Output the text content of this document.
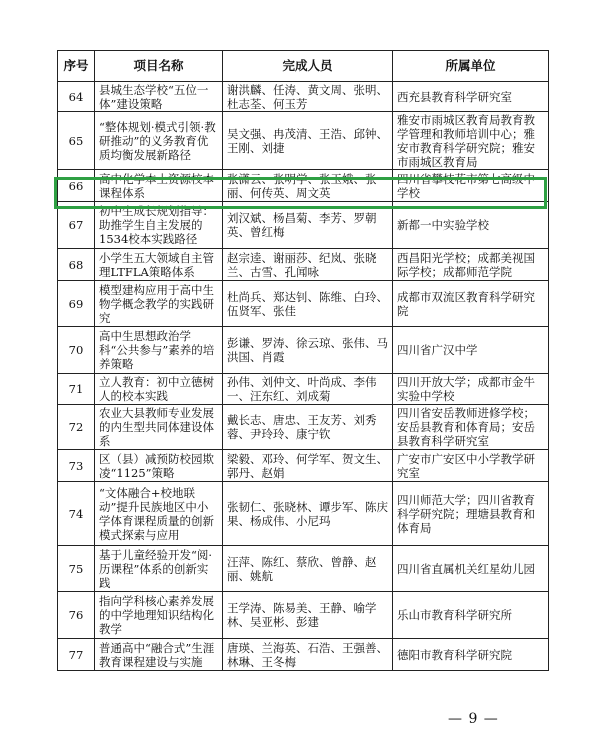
序号	项目名称	完成人员	所属单位
64	县城生态学校“五位一体”建设策略	谢洪麟、任涛、黄文周、张明、杜志荃、何玉芳	西充县教育科学研究室
65	“整体规划·模式引领·教研推动”的义务教育优质均衡发展新路径	吴文强、冉茂清、王浩、邱钟、王刚、刘捷	雅安市雨城区教育局教育教学管理和教师培训中心；雅安市教育科学研究院；雅安市雨城区教育局
66	高中化学本土资源校本课程体系	张潇云、张明学、张玉娥、张丽、何传英、周文英	四川省攀枝花市第七高级中学校
67	初中生成长规划指导：助推学生自主发展的1534校本实践路径	刘汉斌、杨昌菊、李芳、罗朝英、曾红梅	新都一中实验学校
68	小学生五大领域自主管理LTFLA策略体系	赵宗逵、谢丽莎、纪岚、张晓兰、古雪、孔闻咏	西昌阳光学校；成都美视国际学校；成都师范学院
69	模型建构应用于高中生物学概念教学的实践研究	杜尚兵、郑达钊、陈维、白玲、伍贤军、张佳	成都市双流区教育科学研究院
70	高中生思想政治学科“公共参与”素养的培养策略	彭谦、罗涛、徐云琼、张伟、马洪国、肖霞	四川省广汉中学
71	立人教育：初中立德树人的校本实践	孙伟、刘仲文、叶尚成、李伟一、汪东红、刘成菊	四川开放大学；成都市金牛实验中学校
72	农业大县教师专业发展的内生型共同体建设体系	戴长志、唐忠、王友芳、刘秀蓉、尹玲玲、康宁钦	四川省安岳教师进修学校；安岳县教育和体育局；安岳县教育科学研究室
73	区（县）减预防校园欺凌“1125”策略	梁毅、邓玲、何学军、贺文生、郭丹、赵娟	广安市广安区中小学教学研究室
74	“文体融合+校地联动”提升民族地区中小学体育课程质量的创新模式探索与应用	张韧仁、张晓林、谭步军、陈庆果、杨成伟、小尼玛	四川师范大学；四川省教育科学研究院；理塘县教育和体育局
75	基于儿童经验开发“阅·历课程”体系的创新实践	汪萍、陈红、蔡欣、曾静、赵丽、姚航	四川省直属机关红星幼儿园
76	指向学科核心素养发展的中学地理知识结构化教学	王学涛、陈易美、王静、喻学林、吴亚彬、彭建	乐山市教育科学研究所
77	普通高中“融合式”生涯教育课程建设与实施	唐瑛、兰海英、石浩、王强善、林琳、王冬梅	德阳市教育科学研究院
— 9 —
